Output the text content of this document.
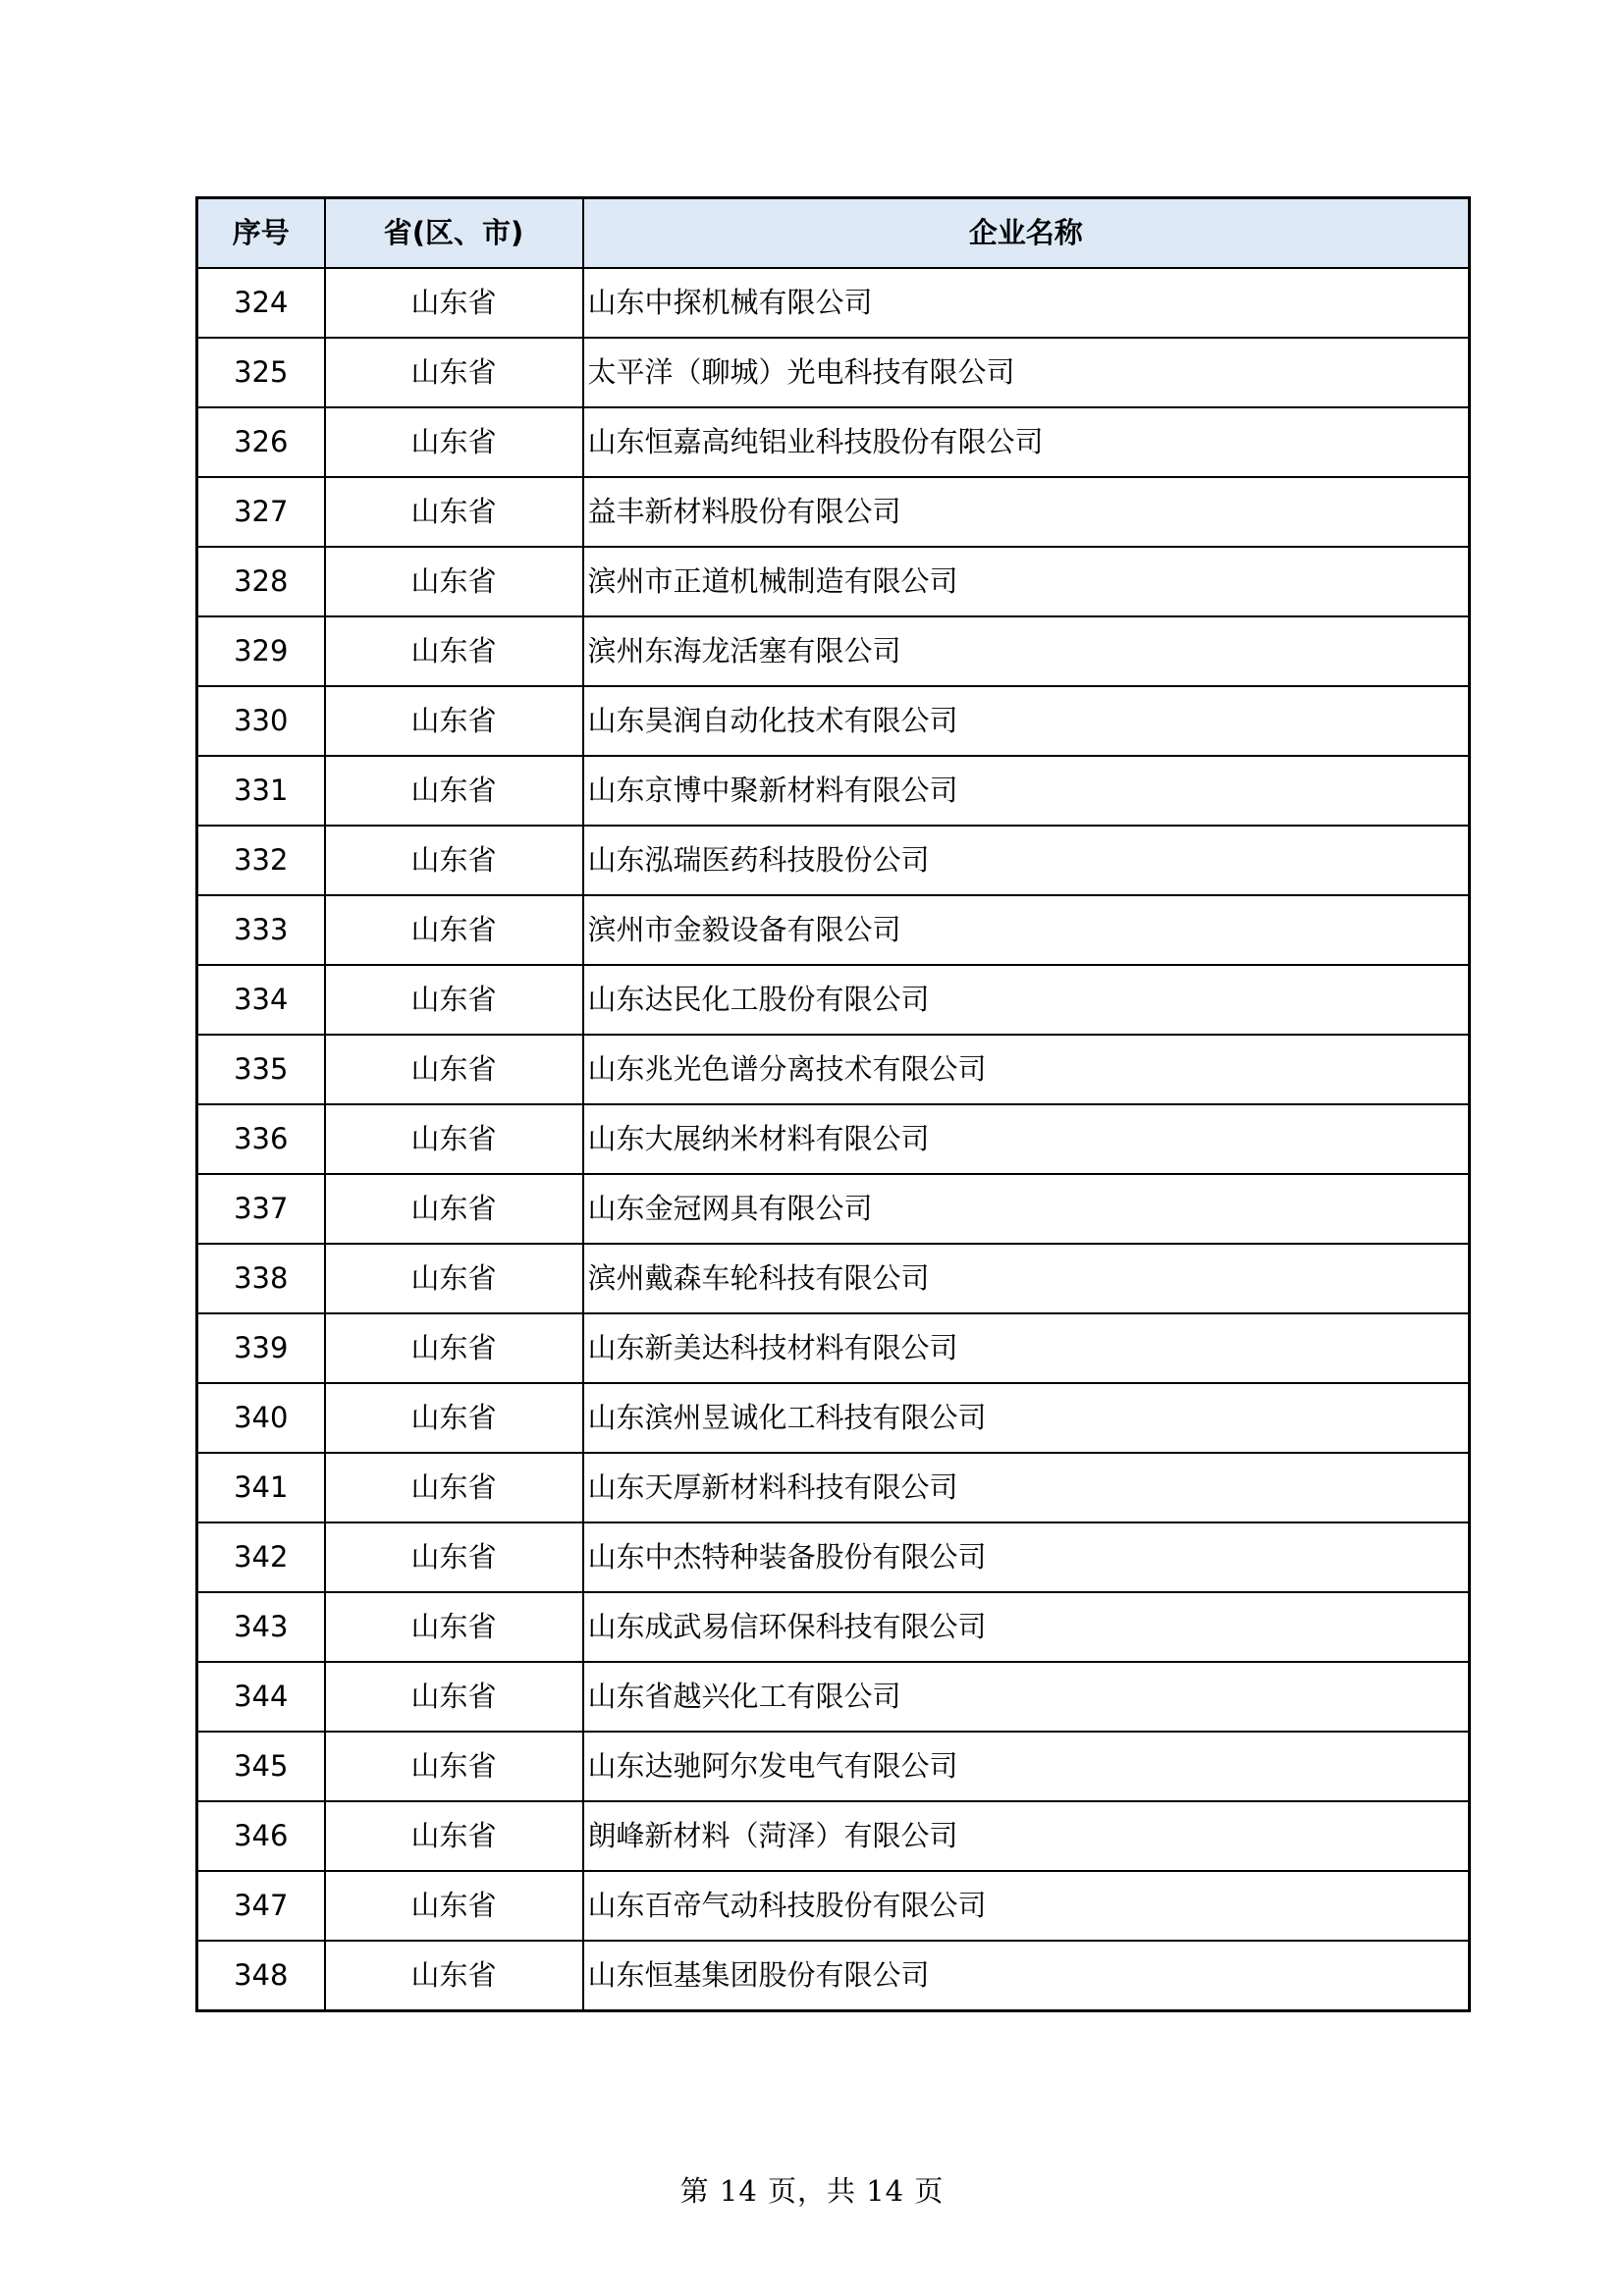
序号	省(区、市)	企业名称
324	山东省	山东中探机械有限公司
325	山东省	太平洋（聊城）光电科技有限公司
326	山东省	山东恒嘉高纯铝业科技股份有限公司
327	山东省	益丰新材料股份有限公司
328	山东省	滨州市正道机械制造有限公司
329	山东省	滨州东海龙活塞有限公司
330	山东省	山东昊润自动化技术有限公司
331	山东省	山东京博中聚新材料有限公司
332	山东省	山东泓瑞医药科技股份公司
333	山东省	滨州市金毅设备有限公司
334	山东省	山东达民化工股份有限公司
335	山东省	山东兆光色谱分离技术有限公司
336	山东省	山东大展纳米材料有限公司
337	山东省	山东金冠网具有限公司
338	山东省	滨州戴森车轮科技有限公司
339	山东省	山东新美达科技材料有限公司
340	山东省	山东滨州昱诚化工科技有限公司
341	山东省	山东天厚新材料科技有限公司
342	山东省	山东中杰特种装备股份有限公司
343	山东省	山东成武易信环保科技有限公司
344	山东省	山东省越兴化工有限公司
345	山东省	山东达驰阿尔发电气有限公司
346	山东省	朗峰新材料（菏泽）有限公司
347	山东省	山东百帝气动科技股份有限公司
348	山东省	山东恒基集团股份有限公司
第 14 页，共 14 页
